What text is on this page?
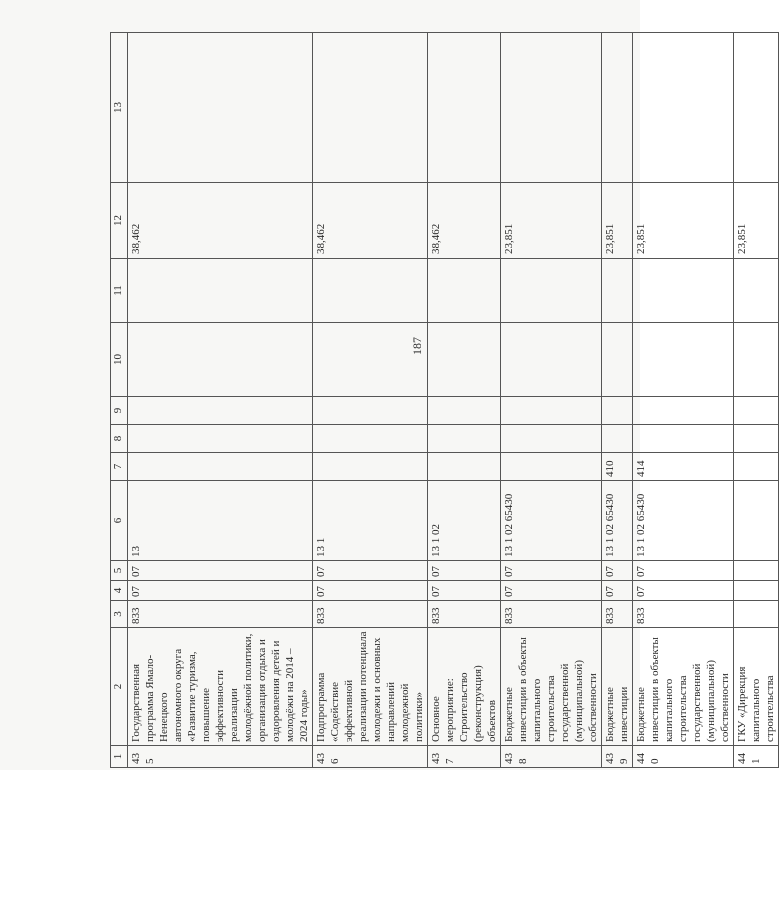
187
1	2	3	4	5	6	7	8	9	10	11	12	13
435	Государственная программа Ямало-Ненецкого автономного округа «Развитие туризма, повышение эффективности реализации молодёжной политики, организация отдыха и оздоровления детей и молодёжи на 2014 – 2024 годы»	833	07	07	13						38,462	
436	Подпрограмма «Содействие эффективной реализации потенциала молодежи и основных направлений молодежной политики»	833	07	07	13 1						38,462	
437	Основное мероприятие: Строительство (реконструкция) объектов	833	07	07	13 1 02						38,462	
438	Бюджетные инвестиции в объекты капитального строительства государственной (муниципальной) собственности	833	07	07	13 1 02 65430						23,851	
439	Бюджетные инвестиции	833	07	07	13 1 02 65430	410					23,851	
440	Бюджетные инвестиции в объекты капитального строительства государственной (муниципальной) собственности	833	07	07	13 1 02 65430	414					23,851	
441	ГКУ «Дирекция капитального строительства										23,851	
